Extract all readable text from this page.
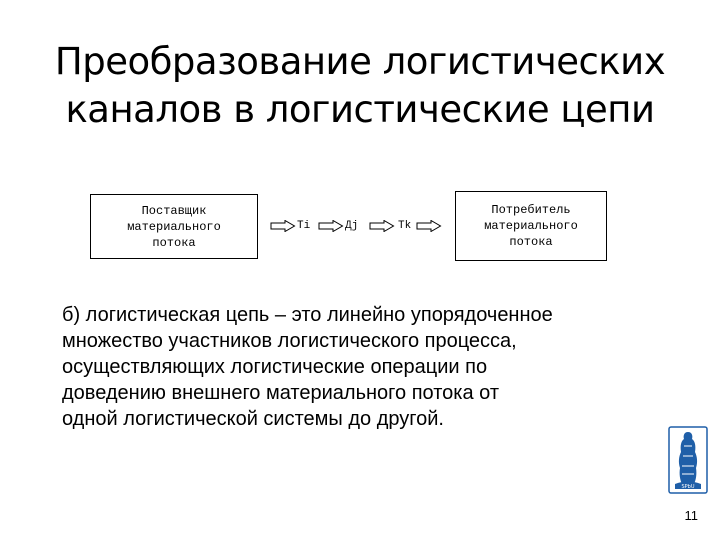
Преобразование логистических
каналов в логистические цепи
Поставщик
материального
потока
Ti	Дj	Tk
Потребитель
материального
потока
б) логистическая цепь – это линейно упорядоченное
множество участников логистического процесса,
осуществляющих логистические операции по
доведению внешнего материального потока от
одной логистической системы до другой.
SPbU
11
